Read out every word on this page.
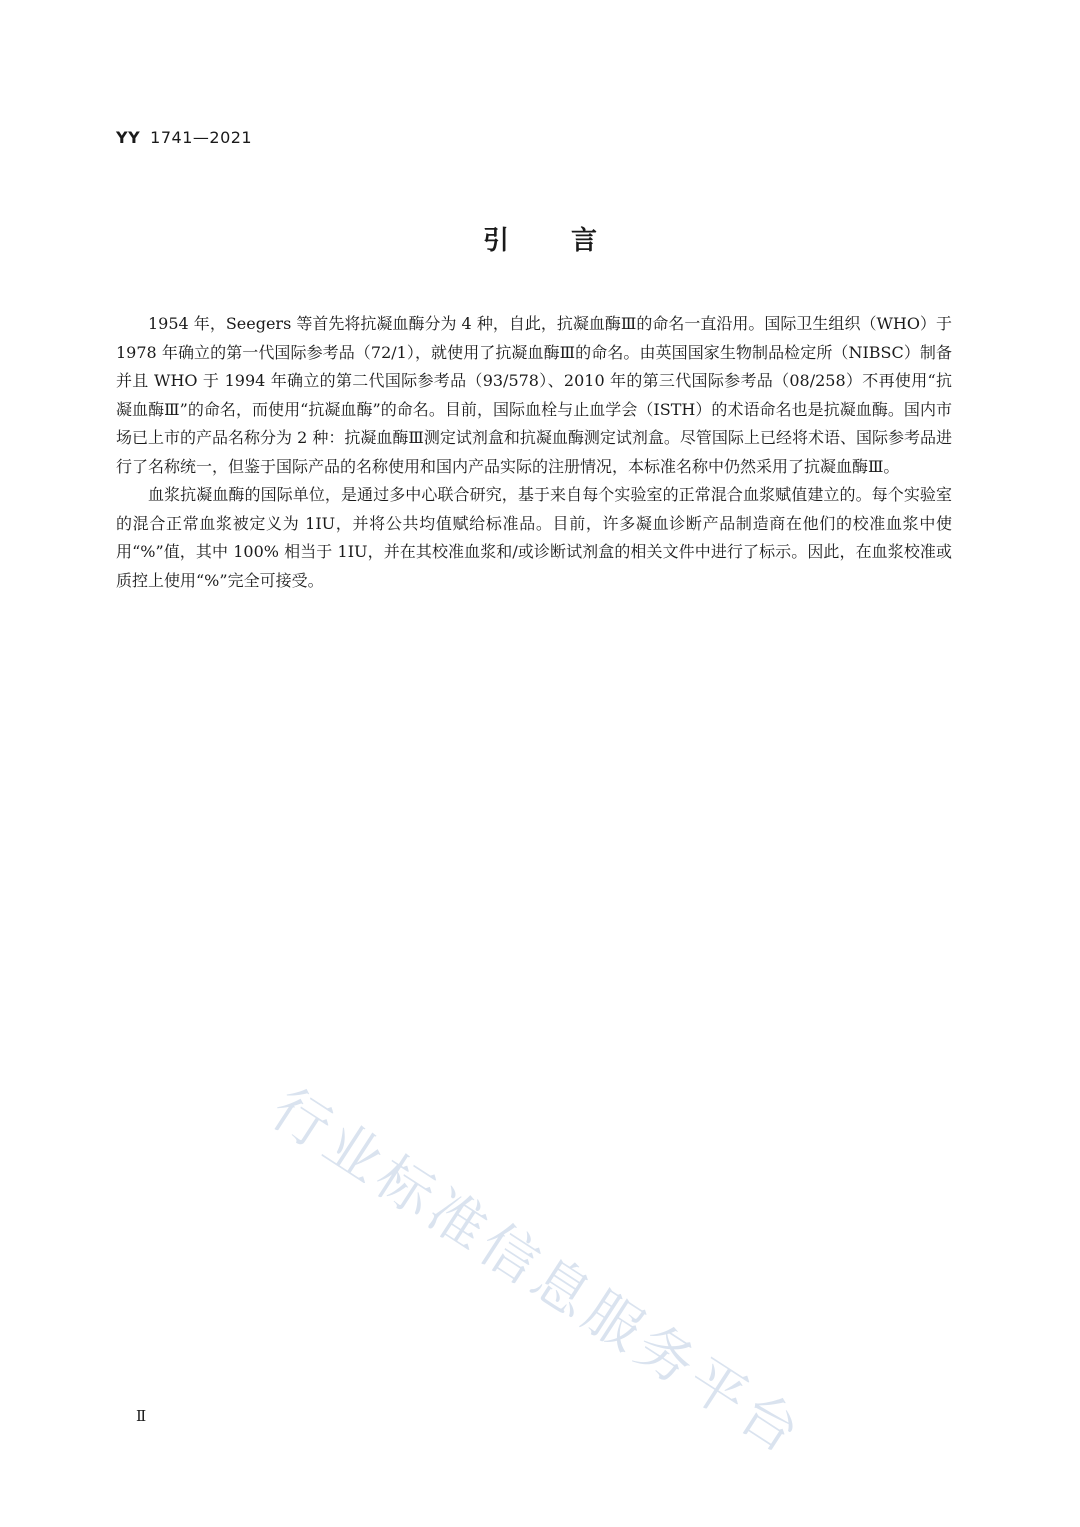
YY 1741—2021
引言

1954 年，Seegers 等首先将抗凝血酶分为 4 种，自此，抗凝血酶Ⅲ的命名一直沿用。国际卫生组织（WHO）于 1978 年确立的第一代国际参考品（72/1），就使用了抗凝血酶Ⅲ的命名。由英国国家生物制品检定所（NIBSC）制备并且 WHO 于 1994 年确立的第二代国际参考品（93/578）、2010 年的第三代国际参考品（08/258）不再使用“抗凝血酶Ⅲ”的命名，而使用“抗凝血酶”的命名。目前，国际血栓与止血学会（ISTH）的术语命名也是抗凝血酶。国内市场已上市的产品名称分为 2 种：抗凝血酶Ⅲ测定试剂盒和抗凝血酶测定试剂盒。尽管国际上已经将术语、国际参考品进行了名称统一，但鉴于国际产品的名称使用和国内产品实际的注册情况，本标准名称中仍然采用了抗凝血酶Ⅲ。

血浆抗凝血酶的国际单位，是通过多中心联合研究，基于来自每个实验室的正常混合血浆赋值建立的。每个实验室的混合正常血浆被定义为 1IU，并将公共均值赋给标准品。目前，许多凝血诊断产品制造商在他们的校准血浆中使用“%”值，其中 100% 相当于 1IU，并在其校准血浆和/或诊断试剂盒的相关文件中进行了标示。因此，在血浆校准或质控上使用“%”完全可接受。

行业标准信息服务平台
Ⅱ
